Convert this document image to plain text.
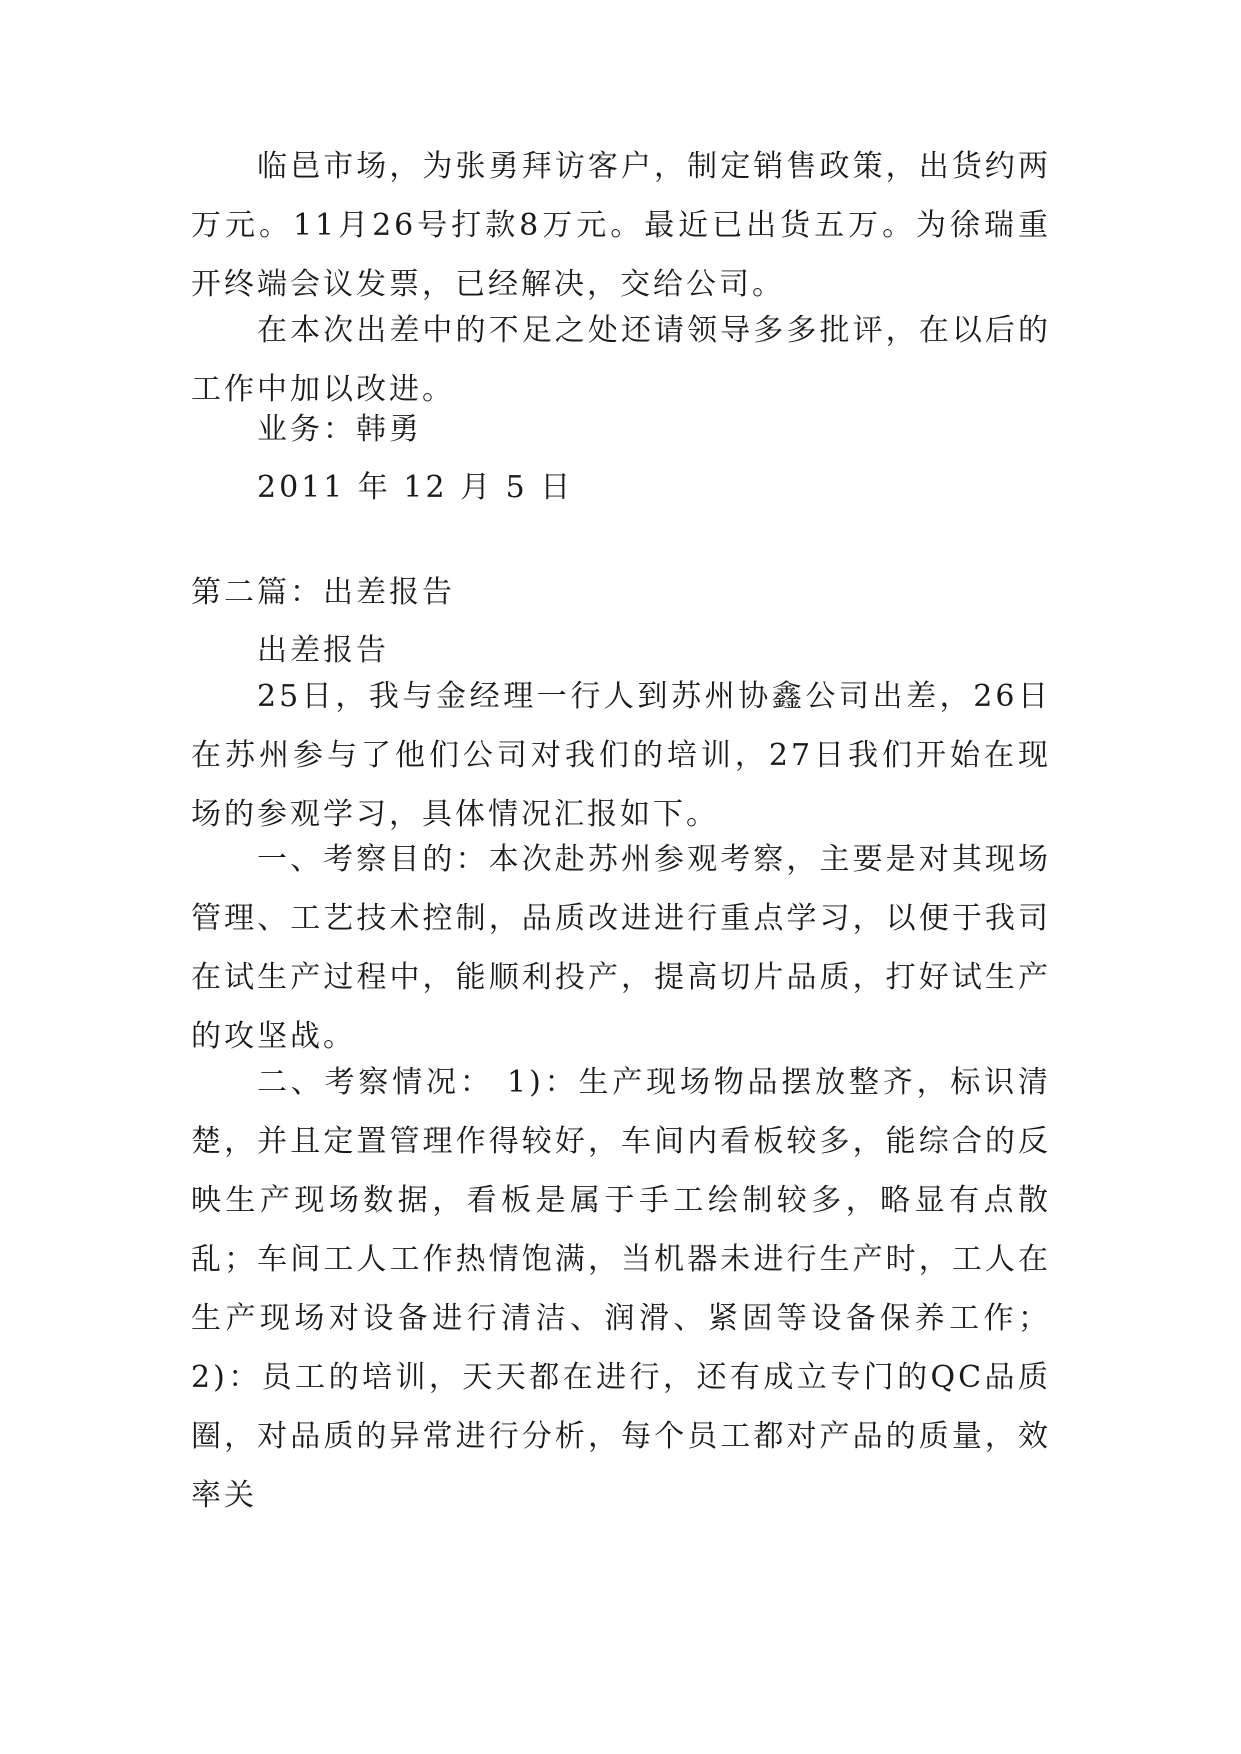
临邑市场，为张勇拜访客户，制定销售政策，出货约两万元。11月26号打款8万元。最近已出货五万。为徐瑞重开终端会议发票，已经解决，交给公司。

在本次出差中的不足之处还请领导多多批评，在以后的工作中加以改进。

业务：韩勇

2011 年 12 月 5 日

第二篇：出差报告

出差报告

25日，我与金经理一行人到苏州协鑫公司出差，26日在苏州参与了他们公司对我们的培训，27日我们开始在现场的参观学习，具体情况汇报如下。

一、考察目的：本次赴苏州参观考察，主要是对其现场管理、工艺技术控制，品质改进进行重点学习，以便于我司在试生产过程中，能顺利投产，提高切片品质，打好试生产的攻坚战。

二、考察情况： 1)：生产现场物品摆放整齐，标识清楚，并且定置管理作得较好，车间内看板较多，能综合的反映生产现场数据，看板是属于手工绘制较多，略显有点散乱；车间工人工作热情饱满，当机器未进行生产时，工人在生产现场对设备进行清洁、润滑、紧固等设备保养工作； 2)：员工的培训，天天都在进行，还有成立专门的QC品质圈，对品质的异常进行分析，每个员工都对产品的质量，效率关
